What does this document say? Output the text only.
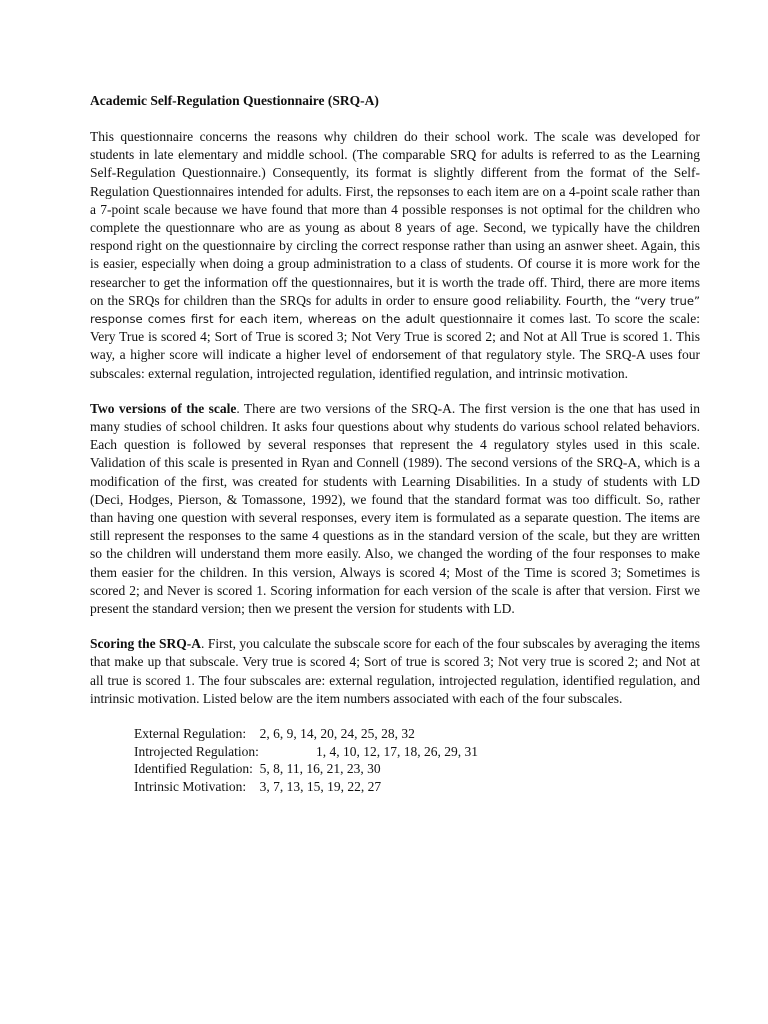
Academic Self-Regulation Questionnaire (SRQ-A)

This questionnaire concerns the reasons why children do their school work. The scale was developed for students in late elementary and middle school. (The comparable SRQ for adults is referred to as the Learning Self-Regulation Questionnaire.) Consequently, its format is slightly different from the format of the Self-Regulation Questionnaires intended for adults. First, the repsonses to each item are on a 4-point scale rather than a 7-point scale because we have found that more than 4 possible responses is not optimal for the children who complete the questionnare who are as young as about 8 years of age. Second, we typically have the children respond right on the questionnaire by circling the correct response rather than using an asnwer sheet. Again, this is easier, especially when doing a group administration to a class of students. Of course it is more work for the researcher to get the information off the questionnaires, but it is worth the trade off. Third, there are more items on the SRQs for children than the SRQs for adults in order to ensure good reliability. Fourth, the “very true” response comes first for each item, whereas on the adult questionnaire it comes last. To score the scale: Very True is scored 4; Sort of True is scored 3; Not Very True is scored 2; and Not at All True is scored 1. This way, a higher score will indicate a higher level of endorsement of that regulatory style. The SRQ-A uses four subscales: external regulation, introjected regulation, identified regulation, and intrinsic motivation.

Two versions of the scale. There are two versions of the SRQ-A. The first version is the one that has used in many studies of school children. It asks four questions about why students do various school related behaviors. Each question is followed by several responses that represent the 4 regulatory styles used in this scale. Validation of this scale is presented in Ryan and Connell (1989). The second versions of the SRQ-A, which is a modification of the first, was created for students with Learning Disabilities. In a study of students with LD (Deci, Hodges, Pierson, & Tomassone, 1992), we found that the standard format was too difficult. So, rather than having one question with several responses, every item is formulated as a separate question. The items are still represent the responses to the same 4 questions as in the standard version of the scale, but they are written so the children will understand them more easily. Also, we changed the wording of the four responses to make them easier for the children. In this version, Always is scored 4; Most of the Time is scored 3; Sometimes is scored 2; and Never is scored 1. Scoring information for each version of the scale is after that version. First we present the standard version; then we present the version for students with LD.

Scoring the SRQ-A. First, you calculate the subscale score for each of the four subscales by averaging the items that make up that subscale. Very true is scored 4; Sort of true is scored 3; Not very true is scored 2; and Not at all true is scored 1. The four subscales are: external regulation, introjected regulation, identified regulation, and intrinsic motivation. Listed below are the item numbers associated with each of the four subscales.

External Regulation: 2, 6, 9, 14, 20, 24, 25, 28, 32
Introjected Regulation:	1, 4, 10, 12, 17, 18, 26, 29, 31
Identified Regulation: 5, 8, 11, 16, 21, 23, 30
Intrinsic Motivation: 3, 7, 13, 15, 19, 22, 27
